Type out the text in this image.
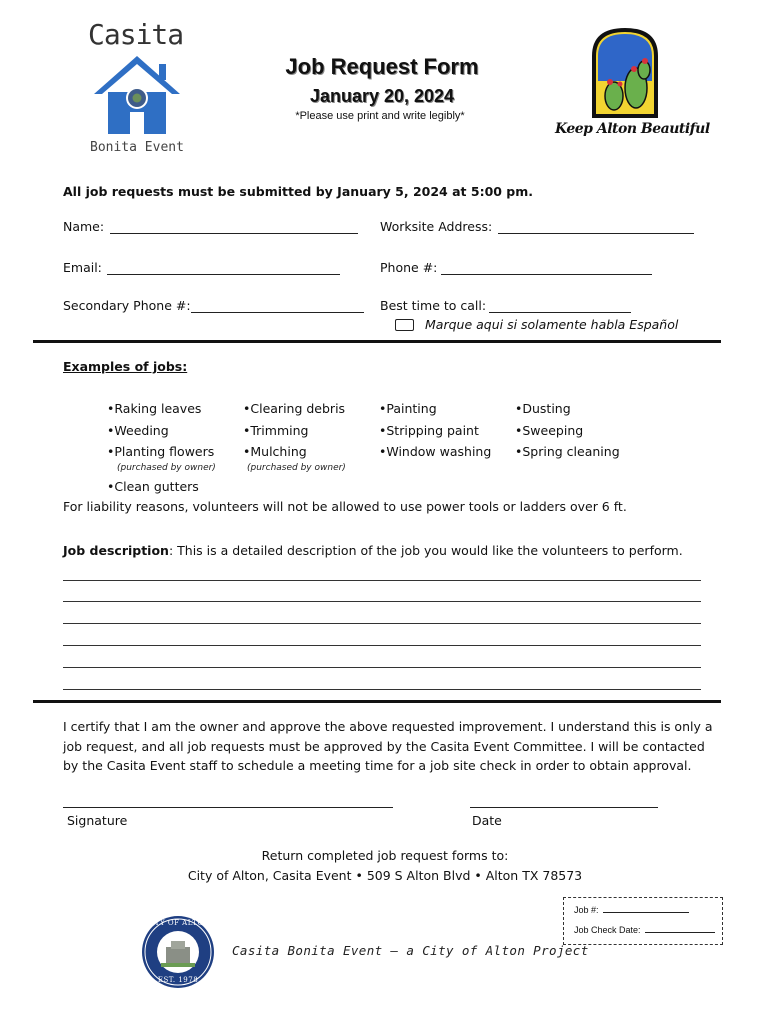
Casita
Bonita Event
Job Request Form
January 20, 2024
*Please use print and write legibly*
Keep Alton Beautiful
All job requests must be submitted by January 5, 2024 at 5:00 pm.
Name:	Worksite Address:
Email:	Phone #:
Secondary Phone #:	Best time to call:
Marque aqui si solamente habla Español
Examples of jobs:
•Raking leaves
•Weeding
•Planting flowers
(purchased by owner)
•Clean gutters
•Clearing debris
•Trimming
•Mulching
(purchased by owner)
•Painting
•Stripping paint
•Window washing
•Dusting
•Sweeping
•Spring cleaning
For liability reasons, volunteers will not be allowed to use power tools or ladders over 6 ft.
Job description: This is a detailed description of the job you would like the volunteers to perform.
I certify that I am the owner and approve the above requested improvement. I understand this is only a
job request, and all job requests must be approved by the Casita Event Committee. I will be contacted
by the Casita Event staff to schedule a meeting time for a job site check in order to obtain approval.
Signature	Date
Return completed job request forms to:
City of Alton, Casita Event • 509 S Alton Blvd • Alton TX 78573
Job #:
Job Check Date:
CITY OF ALTON
EST. 1978
Casita Bonita Event – a City of Alton Project
